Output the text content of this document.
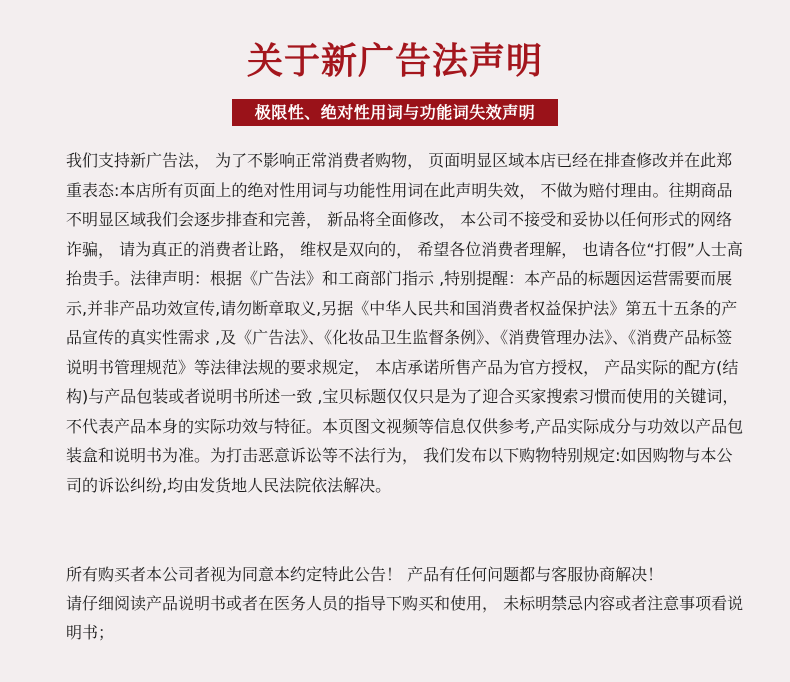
关于新广告法声明
极限性、绝对性用词与功能词失效声明

我们支持新广告法， 为了不影响正常消费者购物， 页面明显区域本店已经在排查修改并在此郑重表态:本店所有页面上的绝对性用词与功能性用词在此声明失效， 不做为赔付理由。往期商品不明显区域我们会逐步排查和完善， 新品将全面修改， 本公司不接受和妥协以任何形式的网络诈骗， 请为真正的消费者让路， 维权是双向的， 希望各位消费者理解， 也请各位“打假”人士高抬贵手。法律声明：根据《广告法》和工商部门指示 ,特别提醒：本产品的标题因运营需要而展示,并非产品功效宣传,请勿断章取义,另据《中华人民共和国消费者权益保护法》第五十五条的产品宣传的真实性需求 ,及《广告法》、《化妆品卫生监督条例》、《消费管理办法》、《消费产品标签说明书管理规范》等法律法规的要求规定， 本店承诺所售产品为官方授权， 产品实际的配方(结构)与产品包装或者说明书所述一致 ,宝贝标题仅仅只是为了迎合买家搜索习惯而使用的关键词， 不代表产品本身的实际功效与特征。本页图文视频等信息仅供参考,产品实际成分与功效以产品包装盒和说明书为准。为打击恶意诉讼等不法行为， 我们发布以下购物特别规定:如因购物与本公司的诉讼纠纷,均由发货地人民法院依法解决。

所有购买者本公司者视为同意本约定特此公告！ 产品有任何问题都与客服协商解决！

请仔细阅读产品说明书或者在医务人员的指导下购买和使用， 未标明禁忌内容或者注意事项看说明书；
